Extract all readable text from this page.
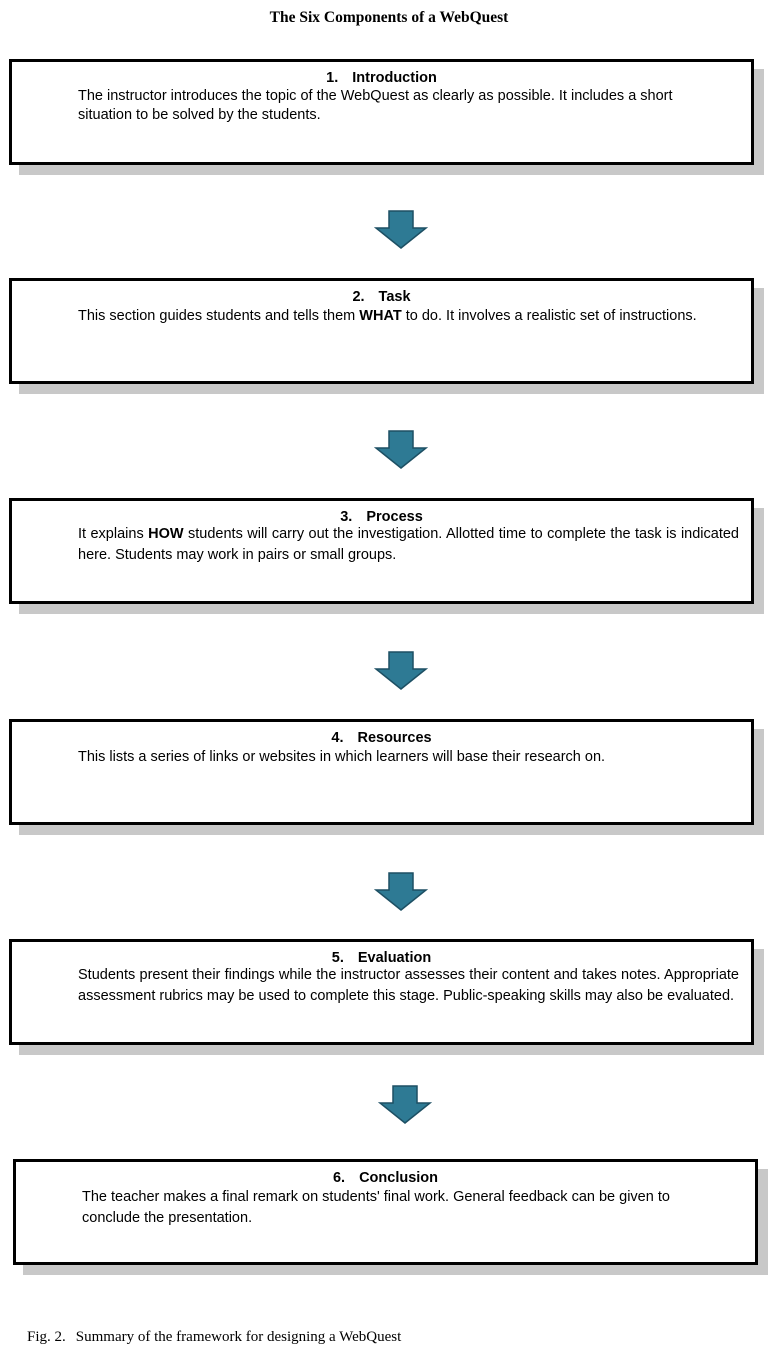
The Six Components of a WebQuest
1. Introduction
The instructor introduces the topic of the WebQuest as clearly as possible. It includes a short situation to be solved by the students.
2. Task
This section guides students and tells them WHAT to do. It involves a realistic set of instructions.
3. Process
It explains HOW students will carry out the investigation. Allotted time to complete the task is indicated here. Students may work in pairs or small groups.
4. Resources
This lists a series of links or websites in which learners will base their research on.
5. Evaluation
Students present their findings while the instructor assesses their content and takes notes. Appropriate assessment rubrics may be used to complete this stage. Public-speaking skills may also be evaluated.
6. Conclusion
The teacher makes a final remark on students' final work. General feedback can be given to conclude the presentation.
Fig. 2. Summary of the framework for designing a WebQuest
